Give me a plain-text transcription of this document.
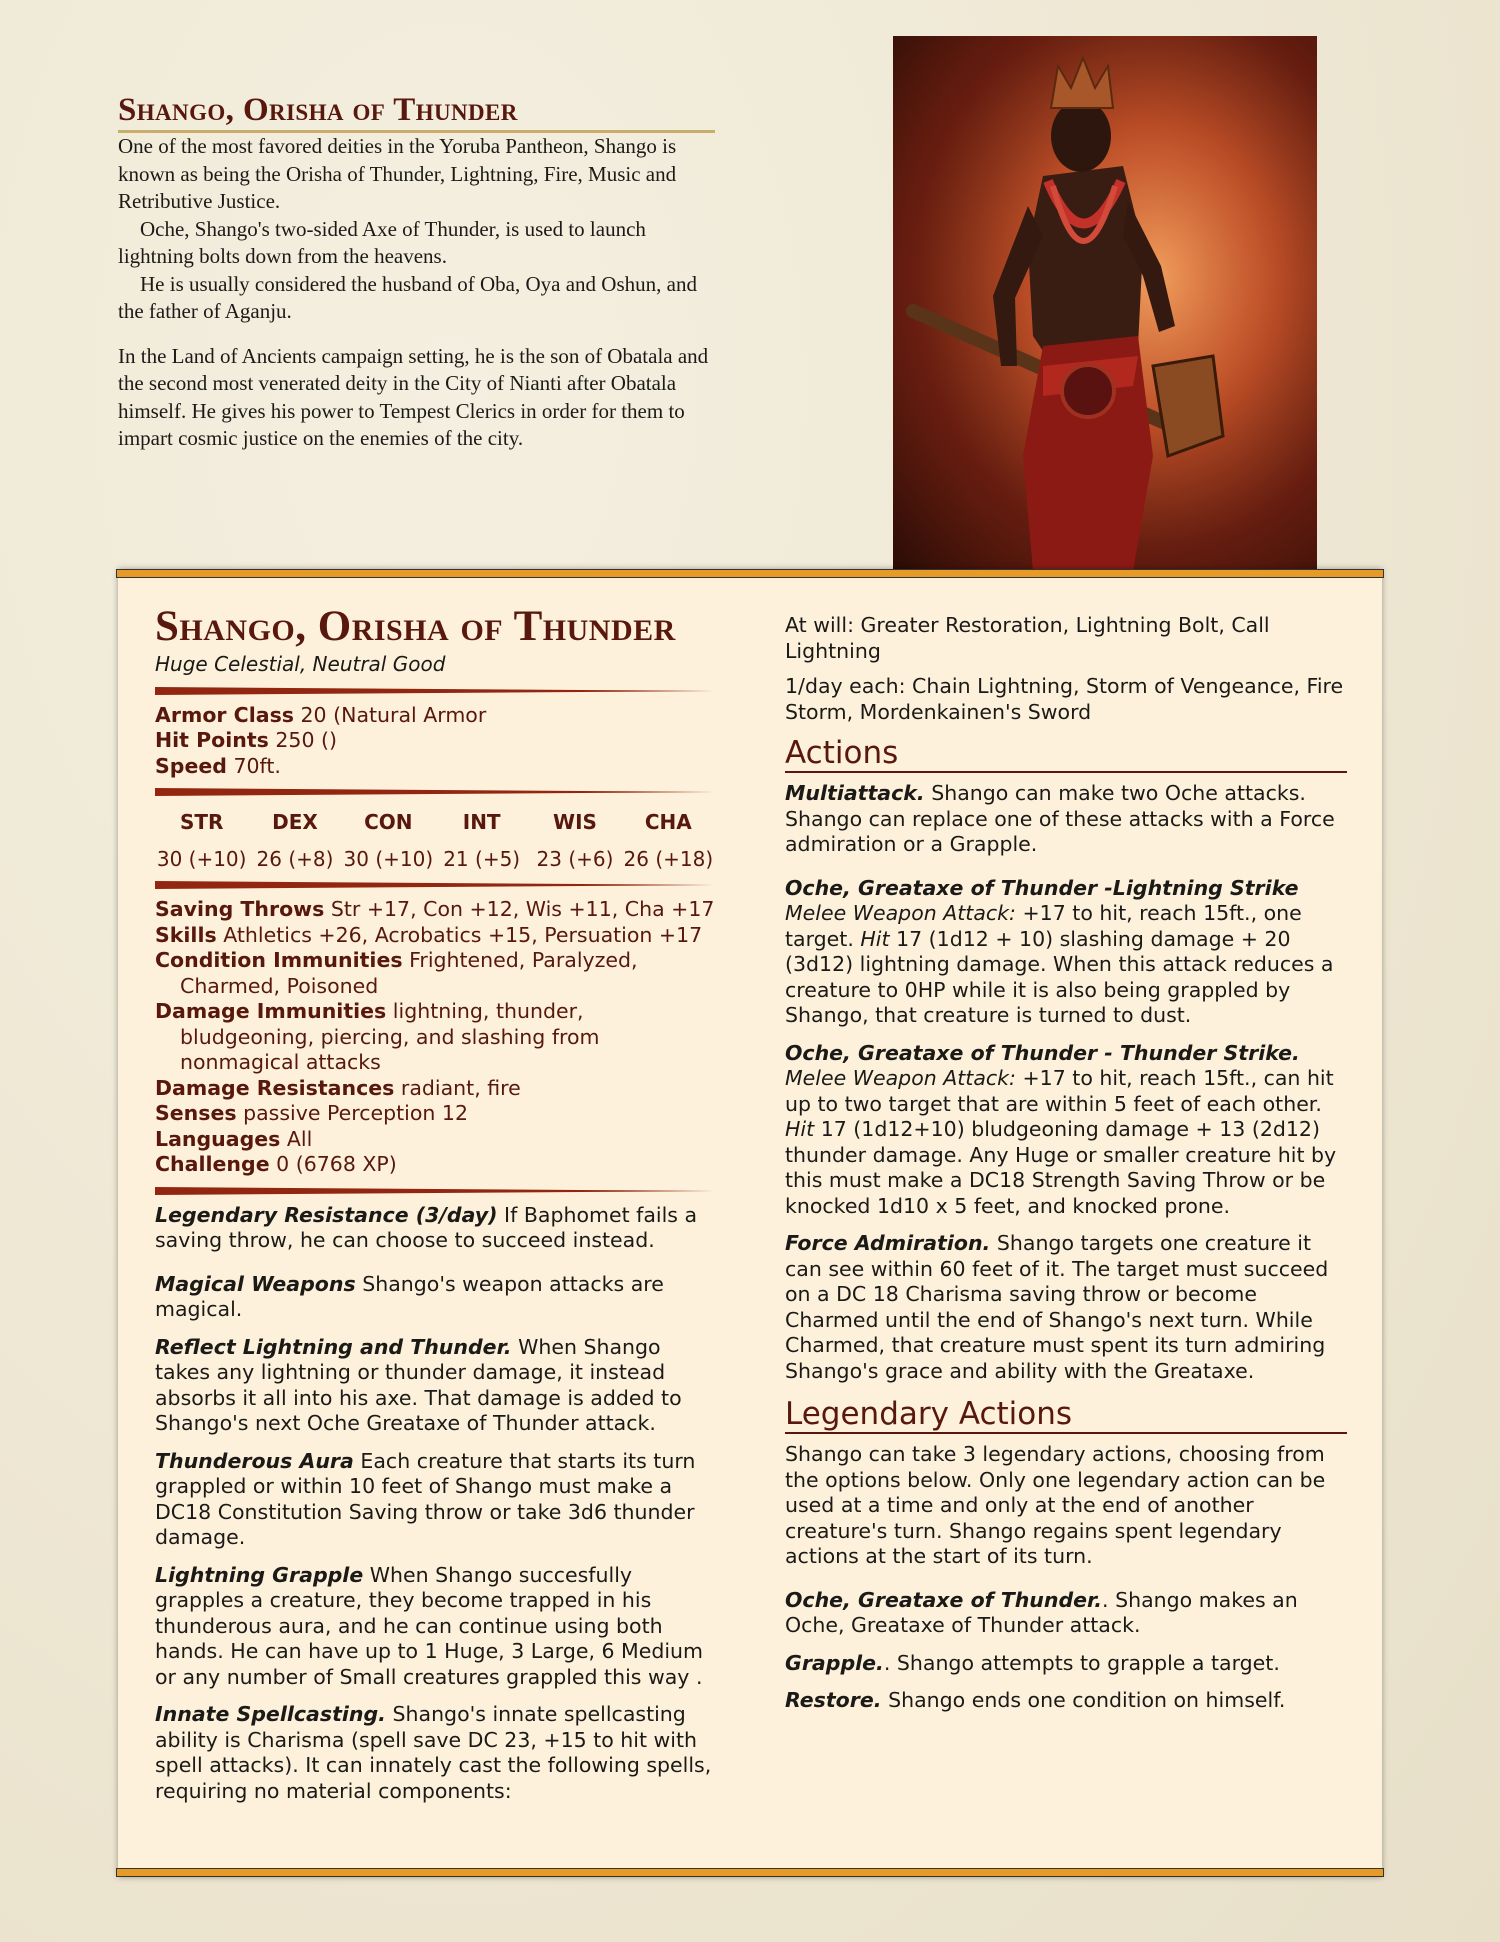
Shango, Orisha of Thunder

One of the most favored deities in the Yoruba Pantheon, Shango is known as being the Orisha of Thunder, Lightning, Fire, Music and Retributive Justice.

Oche, Shango's two-sided Axe of Thunder, is used to launch lightning bolts down from the heavens.

He is usually considered the husband of Oba, Oya and Oshun, and the father of Aganju.

In the Land of Ancients campaign setting, he is the son of Obatala and the second most venerated deity in the City of Nianti after Obatala himself. He gives his power to Tempest Clerics in order for them to impart cosmic justice on the enemies of the city.

Shango, Orisha of Thunder
Huge Celestial, Neutral Good
Armor Class 20 (Natural Armor
Hit Points 250 ()
Speed 70ft.
STR	DEX	CON	INT	WIS	CHA
30 (+10) 26 (+8) 30 (+10) 21 (+5) 23 (+6) 26 (+18)
Saving Throws Str +17, Con +12, Wis +11, Cha +17
Skills Athletics +26, Acrobatics +15, Persuation +17
Condition Immunities Frightened, Paralyzed, Charmed, Poisoned
Damage Immunities lightning, thunder, bludgeoning, piercing, and slashing from nonmagical attacks
Damage Resistances radiant, fire
Senses passive Perception 12
Languages All
Challenge 0 (6768 XP)
Legendary Resistance (3/day) If Baphomet fails a saving throw, he can choose to succeed instead.
Magical Weapons Shango's weapon attacks are magical.
Reflect Lightning and Thunder. When Shango takes any lightning or thunder damage, it instead absorbs it all into his axe. That damage is added to Shango's next Oche Greataxe of Thunder attack.
Thunderous Aura Each creature that starts its turn grappled or within 10 feet of Shango must make a DC18 Constitution Saving throw or take 3d6 thunder damage.
Lightning Grapple When Shango succesfully grapples a creature, they become trapped in his thunderous aura, and he can continue using both hands. He can have up to 1 Huge, 3 Large, 6 Medium or any number of Small creatures grappled this way .
Innate Spellcasting. Shango's innate spellcasting ability is Charisma (spell save DC 23, +15 to hit with spell attacks). It can innately cast the following spells, requiring no material components:
At will: Greater Restoration, Lightning Bolt, Call Lightning
1/day each: Chain Lightning, Storm of Vengeance, Fire Storm, Mordenkainen's Sword
Actions
Multiattack. Shango can make two Oche attacks. Shango can replace one of these attacks with a Force admiration or a Grapple.
Oche, Greataxe of Thunder -Lightning Strike Melee Weapon Attack: +17 to hit, reach 15ft., one target. Hit 17 (1d12 + 10) slashing damage + 20 (3d12) lightning damage. When this attack reduces a creature to 0HP while it is also being grappled by Shango, that creature is turned to dust.
Oche, Greataxe of Thunder - Thunder Strike. Melee Weapon Attack: +17 to hit, reach 15ft., can hit up to two target that are within 5 feet of each other. Hit 17 (1d12+10) bludgeoning damage + 13 (2d12) thunder damage. Any Huge or smaller creature hit by this must make a DC18 Strength Saving Throw or be knocked 1d10 x 5 feet, and knocked prone.
Force Admiration. Shango targets one creature it can see within 60 feet of it. The target must succeed on a DC 18 Charisma saving throw or become Charmed until the end of Shango's next turn. While Charmed, that creature must spent its turn admiring Shango's grace and ability with the Greataxe.
Legendary Actions
Shango can take 3 legendary actions, choosing from the options below. Only one legendary action can be used at a time and only at the end of another creature's turn. Shango regains spent legendary actions at the start of its turn.
Oche, Greataxe of Thunder.. Shango makes an Oche, Greataxe of Thunder attack.
Grapple.. Shango attempts to grapple a target.
Restore. Shango ends one condition on himself.
